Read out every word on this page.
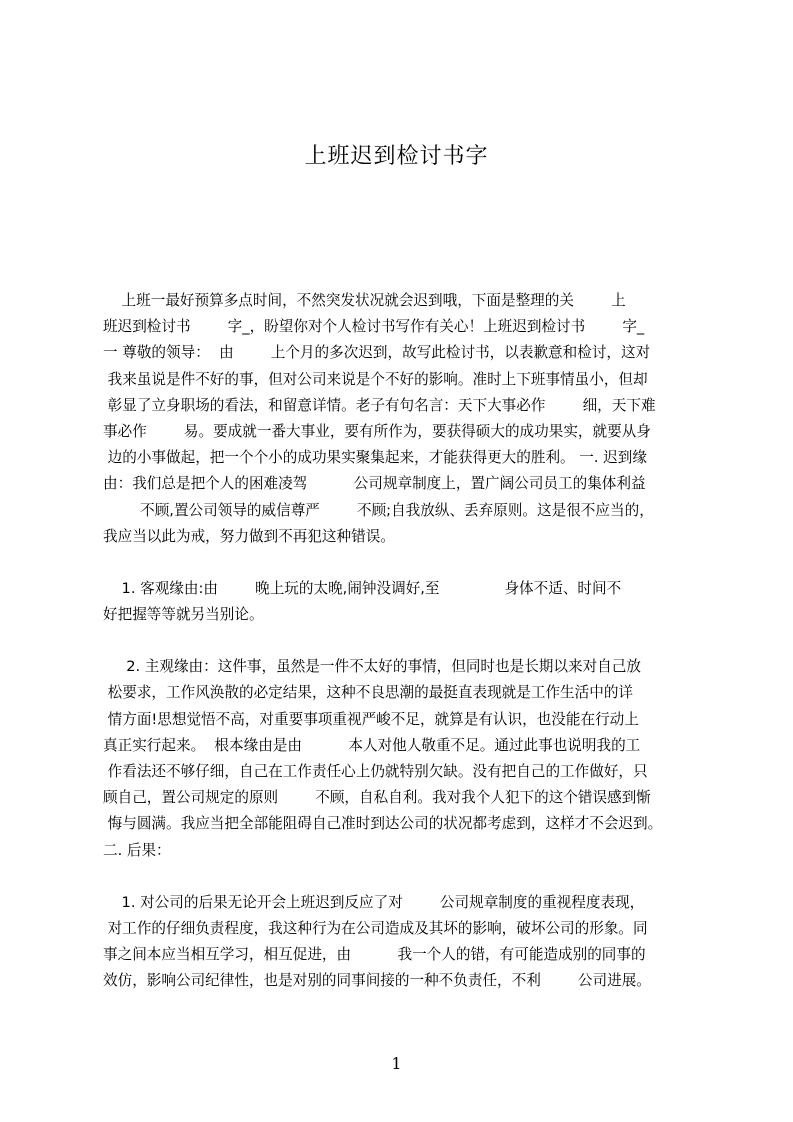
上班迟到检讨书字
上班一最好预算多点时间，不然突发状况就会迟到哦，下面是整理的关        上
班迟到检讨书        字_，盼望你对个人检讨书写作有关心！上班迟到检讨书        字_
一 尊敬的领导：  由        上个月的多次迟到，故写此检讨书，以表歉意和检讨，这对
我来虽说是件不好的事，但对公司来说是个不好的影响。准时上下班事情虽小，但却
彰显了立身职场的看法，和留意详情。老子有句名言：天下大事必作        细，天下难
事必作        易。要成就一番大事业，要有所作为，要获得硕大的成功果实，就要从身
边的小事做起，把一个个小的成功果实聚集起来，才能获得更大的胜利。 一. 迟到缘
由：我们总是把个人的困难凌驾          公司规章制度上，置广阔公司员工的集体利益
不顾,置公司领导的威信尊严        不顾;自我放纵、丢弃原则。这是很不应当的，
我应当以此为戒，努力做到不再犯这种错误。
1. 客观缘由:由        晚上玩的太晚,闹钟没调好,至              身体不适、时间不
好把握等等就另当别论。
2. 主观缘由：这件事，虽然是一件不太好的事情，但同时也是长期以来对自己放
松要求，工作风涣散的必定结果，这种不良思潮的最挺直表现就是工作生活中的详
情方面!思想觉悟不高，对重要事项重视严峻不足，就算是有认识，也没能在行动上
真正实行起来。  根本缘由是由          本人对他人敬重不足。通过此事也说明我的工
作看法还不够仔细，自己在工作责任心上仍就特别欠缺。没有把自己的工作做好，只
顾自己，置公司规定的原则        不顾，自私自利。我对我个人犯下的这个错误感到惭
悔与圆满。我应当把全部能阻碍自己准时到达公司的状况都考虑到，这样才不会迟到。
二. 后果：
1. 对公司的后果无论开会上班迟到反应了对        公司规章制度的重视程度表现，
对工作的仔细负责程度，我这种行为在公司造成及其坏的影响，破坏公司的形象。同
事之间本应当相互学习，相互促进，由          我一个人的错，有可能造成别的同事的
效仿，影响公司纪律性，也是对别的同事间接的一种不负责任，不利        公司进展。
1
